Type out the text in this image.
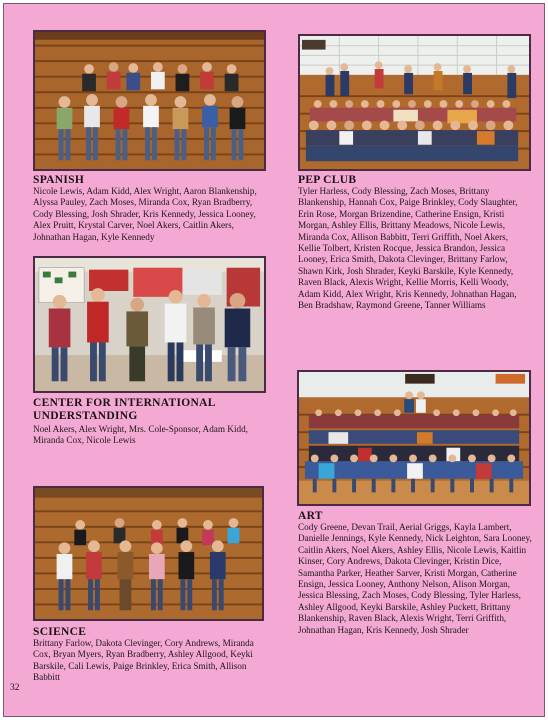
SPANISH

Nicole Lewis, Adam Kidd, Alex Wright, Aaron Blankenship, Alyssa Pauley, Zach Moses, Miranda Cox, Ryan Bradberry, Cody Blessing, Josh Shrader, Kris Kennedy, Jessica Looney, Alex Pruitt, Krystal Carver, Noel Akers, Caitlin Akers, Johnathan Hagan, Kyle Kennedy

PEP CLUB

Tyler Harless, Cody Blessing, Zach Moses, Brittany Blankenship, Hannah Cox, Paige Brinkley, Cody Slaughter, Erin Rose, Morgan Brizendine, Catherine Ensign, Kristi Morgan, Ashley Ellis, Brittany Meadows, Nicole Lewis, Miranda Cox, Allison Babbitt, Terri Griffith, Noel Akers, Kellie Tolbert, Kristen Rocque, Jessica Brandon, Jessica Looney, Erica Smith, Dakota Clevinger, Brittany Farlow, Shawn Kirk, Josh Shrader, Keyki Barskile, Kyle Kennedy, Raven Black, Alexis Wright, Kellie Morris, Kelli Woody, Adam Kidd, Alex Wright, Kris Kennedy, Johnathan Hagan, Ben Bradshaw, Raymond Greene, Tanner Williams

CENTER FOR INTERNATIONAL
UNDERSTANDING

Noel Akers, Alex Wright, Mrs. Cole-Sponsor, Adam Kidd, Miranda Cox, Nicole Lewis

ART

Cody Greene, Devan Trail, Aerial Griggs, Kayla Lambert, Danielle Jennings, Kyle Kennedy, Nick Leighton, Sara Looney, Caitlin Akers, Noel Akers, Ashley Ellis, Nicole Lewis, Kaitlin Kinser, Cory Andrews, Dakota Clevinger, Kristin Dice, Samantha Parker, Heather Sarver, Kristi Morgan, Catherine Ensign, Jessica Looney, Anthony Nelson, Alison Morgan, Jessica Blessing, Zach Moses, Cody Blessing, Tyler Harless, Ashley Allgood, Keyki Barskile, Ashley Puckett, Brittany Blankenship, Raven Black, Alexis Wright, Terri Griffith, Johnathan Hagan, Kris Kennedy, Josh Shrader

SCIENCE

Brittany Farlow, Dakota Clevinger, Cory Andrews, Miranda Cox, Bryan Myers, Ryan Bradberry, Ashley Allgood, Keyki Barskile, Cali Lewis, Paige Brinkley, Erica Smith, Allison Babbitt

32
